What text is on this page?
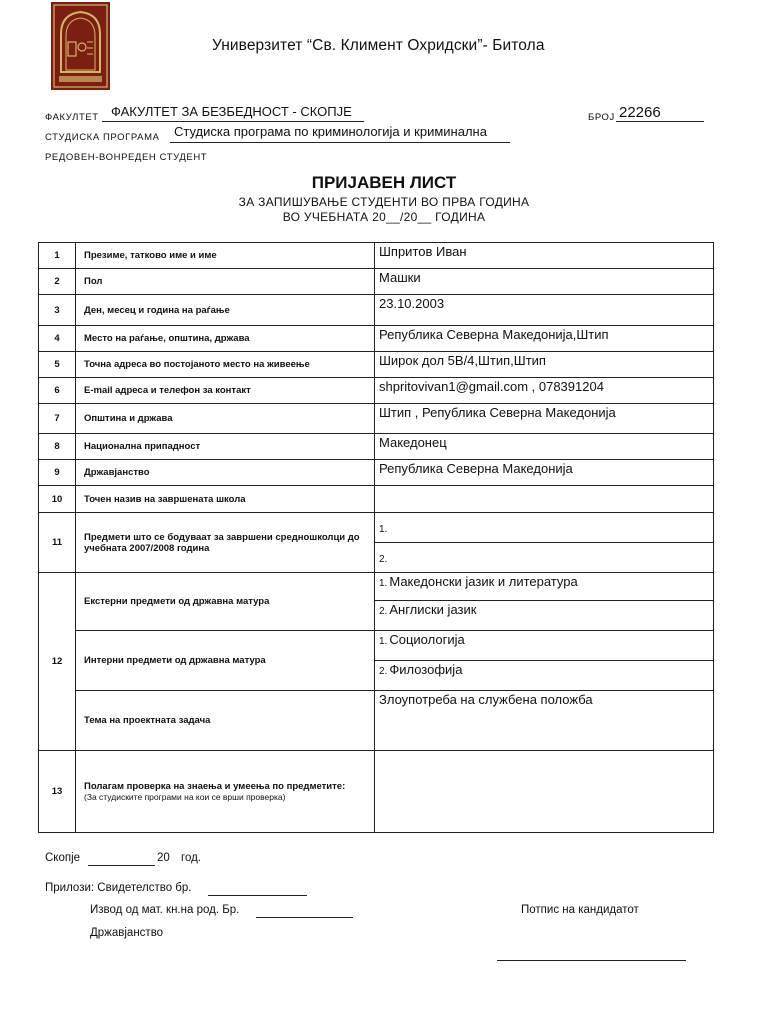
Универзитет “Св. Климент Охридски”- Битола
ФАКУЛТЕТ ФАКУЛТЕТ ЗА БЕЗБЕДНОСТ - СКОПЈЕ	БРОЈ 22266
СТУДИСКА ПРОГРАМА Студиска програма по криминологија и криминална
РЕДОВЕН-ВОНРЕДЕН СТУДЕНТ
ПРИЈАВЕН ЛИСТ
ЗА ЗАПИШУВАЊЕ СТУДЕНТИ ВО ПРВА ГОДИНА
ВО УЧЕБНАТА 20__/20__ ГОДИНА
1	Презиме, татково име и име	Шпритов Иван
2	Пол	Машки
3	Ден, месец и година на раѓање	23.10.2003
4	Место на раѓање, општина, држава	Република Северна Македонија,Штип
5	Точна адреса во постојаното место на живеење	Широк дол 5В/4,Штип,Штип
6	E-mail адреса и телефон за контакт	shpritovivan1@gmail.com , 078391204
7	Општина и држава	Штип , Република Северна Македонија
8	Национална припадност	Македонец
9	Државјанство	Република Северна Македонија
10	Точен назив на завршената школа	
11	Предмети што се бодуваат за завршени средношколци до учебната 2007/2008 година	1.
		2.
12	Екстерни предмети од државна матура	1. Македонски јазик и литература
		2. Англиски јазик
	Интерни предмети од државна матура	1. Социологија
		2. Филозофија
	Тема на проектната задача	Злоупотреба на службена положба
13	Полагам проверка на знаења и умеења по предметите:
(За студиските програми на кои се врши проверка)	

Скопје	20 год.
Прилози: Свидетелство бр.
Извод од мат. кн.на род. Бр.	Потпис на кандидатот
Државјанство
